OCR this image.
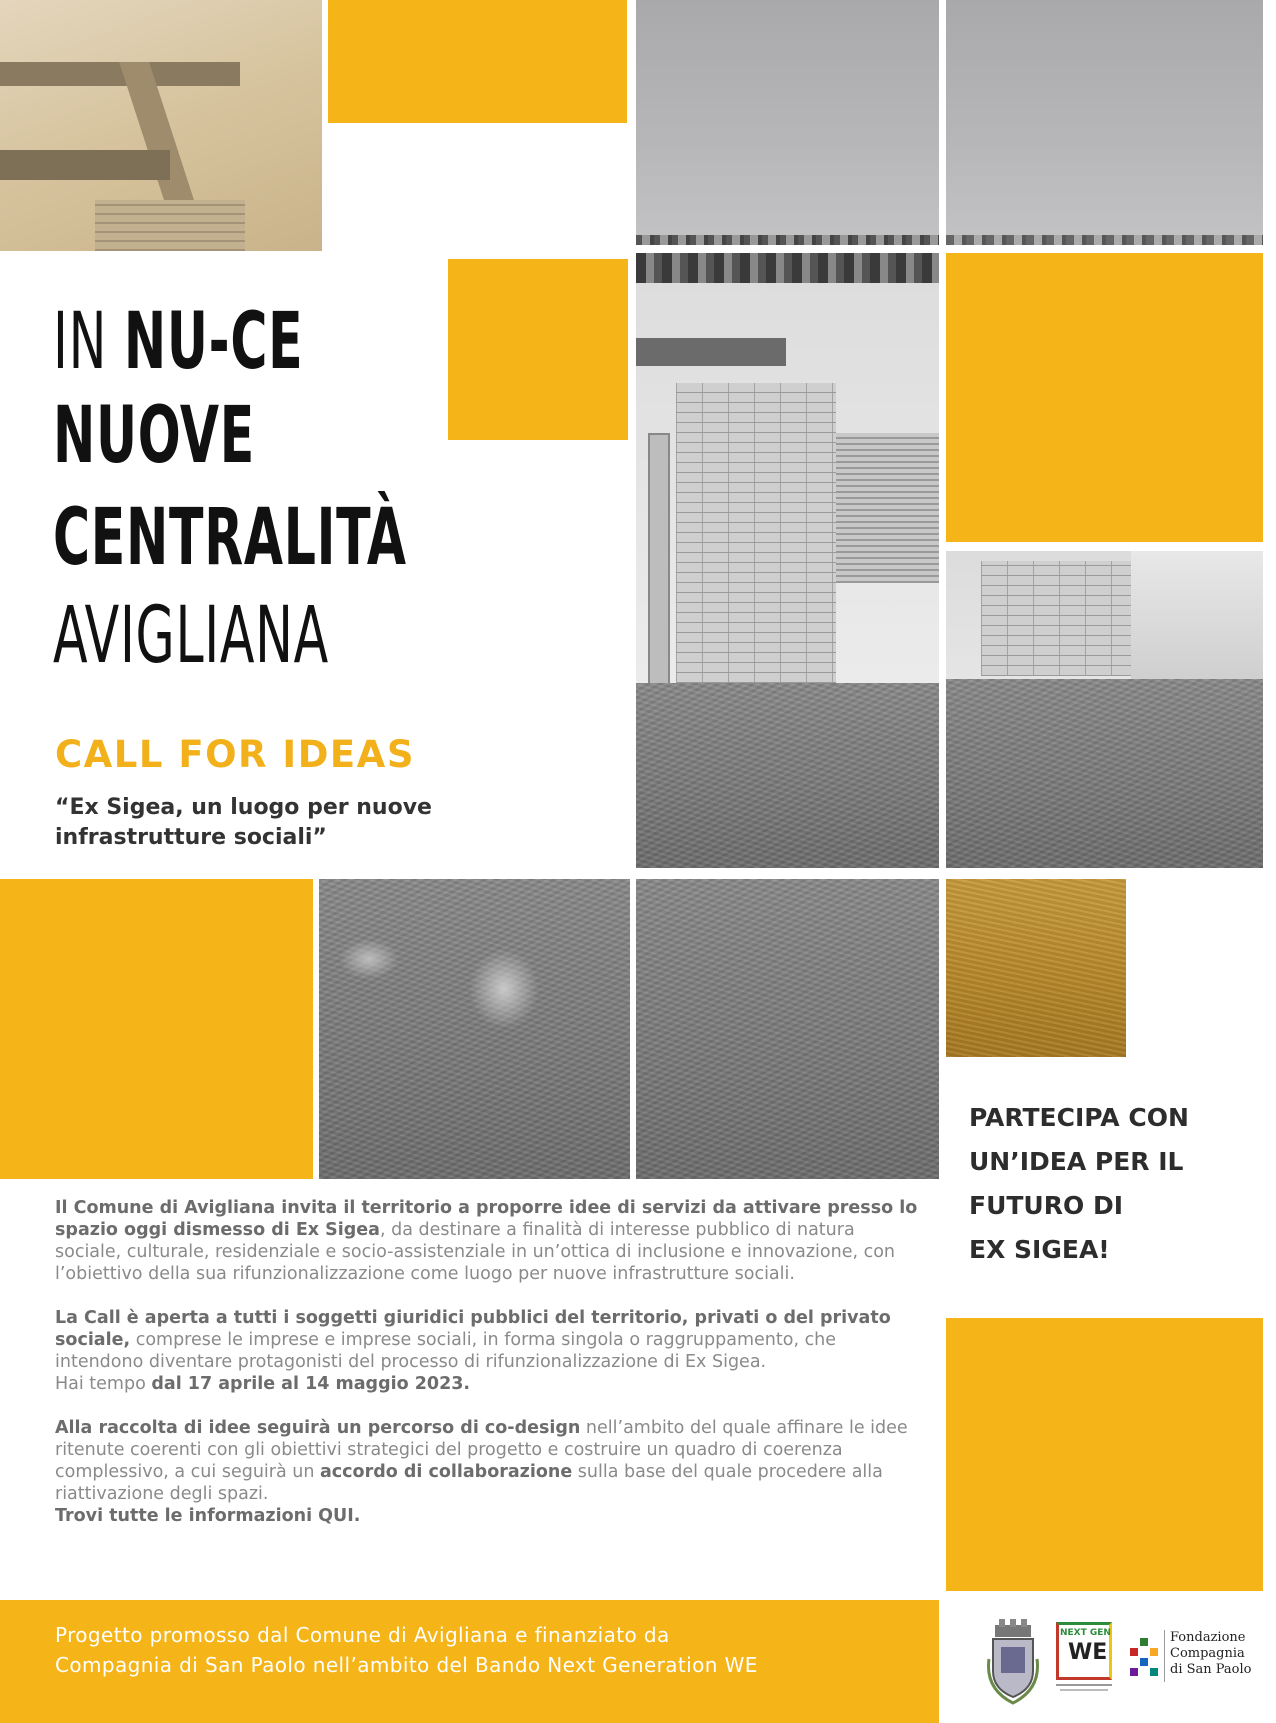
IN NU-CE
NUOVE
CENTRALITÀ
AVIGLIANA
CALL FOR IDEAS
“Ex Sigea, un luogo per nuove
infrastrutture sociali”
PARTECIPA CON
UN’IDEA PER IL
FUTURO DI
EX SIGEA!

Il Comune di Avigliana invita il territorio a proporre idee di servizi da attivare presso lo spazio oggi dismesso di Ex Sigea, da destinare a finalità di interesse pubblico di natura sociale, culturale, residenziale e socio-assistenziale in un’ottica di inclusione e innovazione, con l’obiettivo della sua rifunzionalizzazione come luogo per nuove infrastrutture sociali.

La Call è aperta a tutti i soggetti giuridici pubblici del territorio, privati o del privato sociale, comprese le imprese e imprese sociali, in forma singola o raggruppamento, che intendono diventare protagonisti del processo di rifunzionalizzazione di Ex Sigea.
Hai tempo dal 17 aprile al 14 maggio 2023.

Alla raccolta di idee seguirà un percorso di co-design nell’ambito del quale affinare le idee ritenute coerenti con gli obiettivi strategici del progetto e costruire un quadro di coerenza complessivo, a cui seguirà un accordo di collaborazione sulla base del quale procedere alla riattivazione degli spazi.
Trovi tutte le informazioni QUI.

Progetto promosso dal Comune di Avigliana e finanziato da
Compagnia di San Paolo nell’ambito del Bando Next Generation WE
NEXT GEN
WE
Fondazione
Compagnia
di San Paolo
